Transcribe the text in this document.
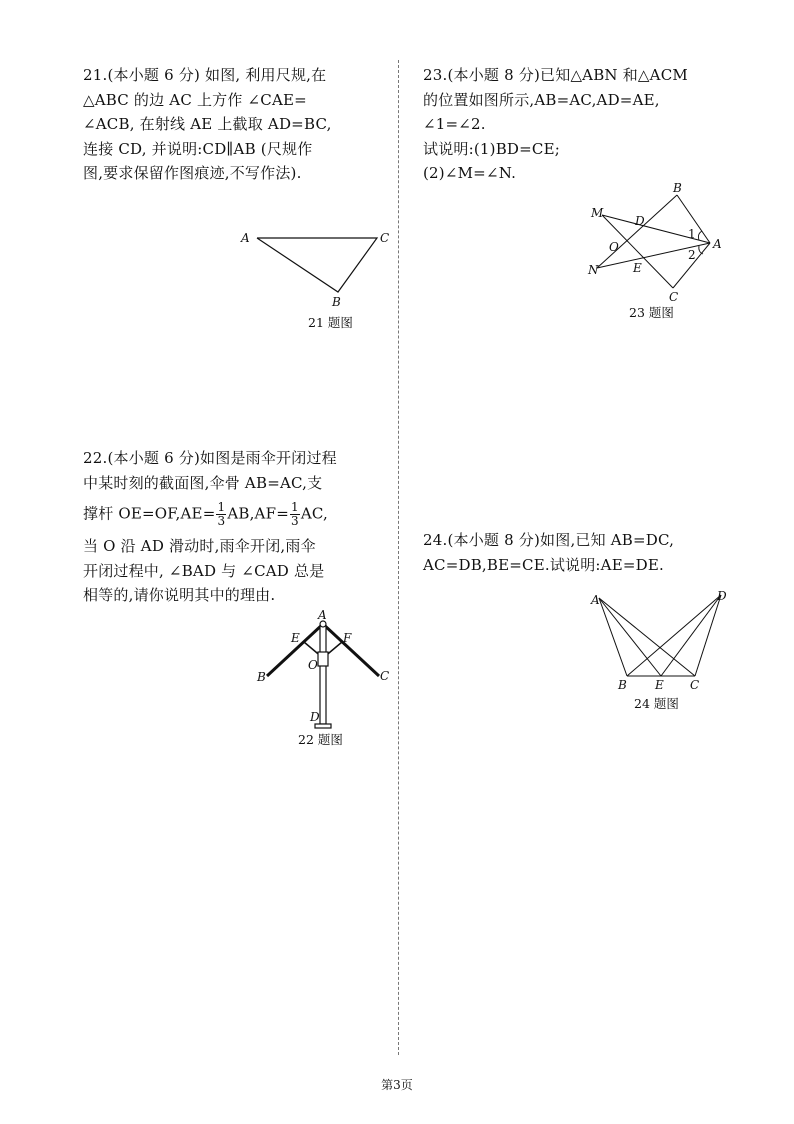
21.(本小题 6 分) 如图, 利用尺规,在
△ABC 的边 AC 上方作 ∠CAE=
∠ACB, 在射线 AE 上截取 AD=BC,
连接 CD, 并说明:CD∥AB (尺规作
图,要求保留作图痕迹,不写作法).
A	C
B
21 题图
22.(本小题 6 分)如图是雨伞开闭过程
中某时刻的截面图,伞骨 AB=AC,支
撑杆 $OE=OF,AE= \frac{1}{3} AB,AF= \frac{1}{3}$ AC,
当 O 沿 AD 滑动时,雨伞开闭,雨伞
开闭过程中, ∠BAD 与 ∠CAD 总是
相等的,请你说明其中的理由.
A
E	F
O
B	C
D
22 题图
23.(本小题 8 分)已知△ABN 和△ACM
的位置如图所示,AB=AC,AD=AE,
∠1=∠2.
试说明:(1)BD=CE;
(2)∠M=∠N.
B
M
D
1
A
O
2
E
N
C
23 题图
24.(本小题 8 分)如图,已知 AB=DC,
AC=DB,BE=CE.试说明:AE=DE.
A	D
B E C
24 题图
第3页
